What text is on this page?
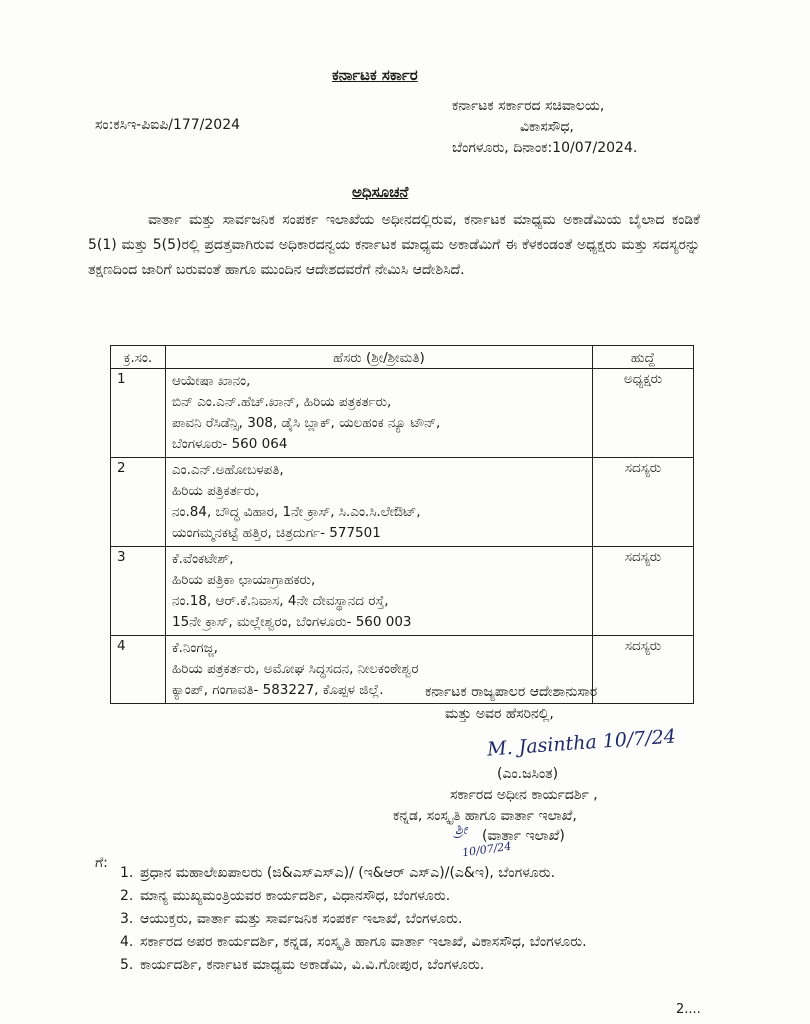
ಕರ್ನಾಟಕ ಸರ್ಕಾರ
ಸಂ:ಕಸಿಇ-ಪಿಐಪಿ/177/2024
ಕರ್ನಾಟಕ ಸರ್ಕಾರದ ಸಚಿವಾಲಯ,
ವಿಕಾಸಸೌಧ,
ಬೆಂಗಳೂರು, ದಿನಾಂಕ:10/07/2024.
ಅಧಿಸೂಚನೆ

ವಾರ್ತಾ ಮತ್ತು ಸಾರ್ವಜನಿಕ ಸಂಪರ್ಕ ಇಲಾಖೆಯ ಅಧೀನದಲ್ಲಿರುವ, ಕರ್ನಾಟಕ ಮಾಧ್ಯಮ ಅಕಾಡೆಮಿಯ ಬೈಲಾದ ಕಂಡಿಕೆ 5(1) ಮತ್ತು 5(5)ರಲ್ಲಿ ಪ್ರದತ್ತವಾಗಿರುವ ಅಧಿಕಾರದನ್ವಯ ಕರ್ನಾಟಕ ಮಾಧ್ಯಮ ಅಕಾಡೆಮಿಗೆ ಈ ಕೆಳಕಂಡಂತೆ ಅಧ್ಯಕ್ಷರು ಮತ್ತು ಸದಸ್ಯರನ್ನು ತಕ್ಷಣದಿಂದ ಜಾರಿಗೆ ಬರುವಂತೆ ಹಾಗೂ ಮುಂದಿನ ಆದೇಶದವರೆಗೆ ನೇಮಿಸಿ ಆದೇಶಿಸಿದೆ.

ಕ್ರ.ಸಂ.	ಹೆಸರು (ಶ್ರೀ/ಶ್ರೀಮತಿ)	ಹುದ್ದೆ
1	ಆಯೇಷಾ ಖಾನಂ,
ಬಿನ್ ಎಂ.ಎನ್.ಹೆಚ್.ಖಾನ್, ಹಿರಿಯ ಪತ್ರಕರ್ತರು,
ಪಾವನಿ ರೆಸಿಡೆನ್ಸಿ, 308, ಡೈಸಿ ಬ್ಲಾಕ್, ಯಲಹಂಕ ನ್ಯೂ ಟೌನ್,
ಬೆಂಗಳೂರು- 560 064	ಅಧ್ಯಕ್ಷರು
2	ಎಂ.ಎನ್.ಅಹೋಬಳಪತಿ,
ಹಿರಿಯ ಪತ್ರಿಕರ್ತರು,
ನಂ.84, ಬೌದ್ಧ ವಿಹಾರ, 1ನೇ ಕ್ರಾಸ್, ಸಿ.ಎಂ.ಸಿ.ಲೇಔಟ್,
ಯಂಗಮ್ಮನಕಟ್ಟೆ ಹತ್ತಿರ, ಚಿತ್ರದುರ್ಗ- 577501	ಸದಸ್ಯರು
3	ಕೆ.ವೆಂಕಟೇಶ್,
ಹಿರಿಯ ಪತ್ರಿಕಾ ಛಾಯಾಗ್ರಾಹಕರು,
ನಂ.18, ಆರ್.ಕೆ.ನಿವಾಸ, 4ನೇ ದೇವಸ್ಥಾನದ ರಸ್ತೆ,
15ನೇ ಕ್ರಾಸ್, ಮಲ್ಲೇಶ್ವರಂ, ಬೆಂಗಳೂರು- 560 003	ಸದಸ್ಯರು
4	ಕೆ.ನಿಂಗಜ್ಜ,
ಹಿರಿಯ ಪತ್ರಕರ್ತರು, ಅಮೋಘ ಸಿದ್ಧಸದನ, ನೀಲಕಂಠೇಶ್ವರ
ಕ್ಯಾಂಪ್, ಗಂಗಾವತಿ- 583227, ಕೊಪ್ಪಳ ಜಿಲ್ಲೆ.	ಸದಸ್ಯರು
ಕರ್ನಾಟಕ ರಾಜ್ಯಪಾಲರ ಆದೇಶಾನುಸಾರ
ಮತ್ತು ಅವರ ಹೆಸರಿನಲ್ಲಿ,
M. Jasintha 10/7/24
(ಎಂ.ಜಸಿಂತ)
ಸರ್ಕಾರದ ಅಧೀನ ಕಾರ್ಯದರ್ಶಿ ,
ಕನ್ನಡ, ಸಂಸ್ಕೃತಿ ಹಾಗೂ ವಾರ್ತಾ ಇಲಾಖೆ,
ಶ್ರೀ
10/07/24
(ವಾರ್ತಾ ಇಲಾಖೆ)
ಗೆ:
1. ಪ್ರಧಾನ ಮಹಾಲೇಖಪಾಲರು (ಜಿ&ಎಸ್‌ಎಸ್‌ಎ)/ (ಇ&ಆರ್ ಎಸ್‌ಎ)/(ಎ&ಇ), ಬೆಂಗಳೂರು.
2. ಮಾನ್ಯ ಮುಖ್ಯಮಂತ್ರಿಯವರ ಕಾರ್ಯದರ್ಶಿ, ವಿಧಾನಸೌಧ, ಬೆಂಗಳೂರು.
3. ಆಯುಕ್ತರು, ವಾರ್ತಾ ಮತ್ತು ಸಾರ್ವಜನಿಕ ಸಂಪರ್ಕ ಇಲಾಖೆ, ಬೆಂಗಳೂರು.
4. ಸರ್ಕಾರದ ಅಪರ ಕಾರ್ಯದರ್ಶಿ, ಕನ್ನಡ, ಸಂಸ್ಕೃತಿ ಹಾಗೂ ವಾರ್ತಾ ಇಲಾಖೆ, ವಿಕಾಸಸೌಧ, ಬೆಂಗಳೂರು.
5. ಕಾರ್ಯದರ್ಶಿ, ಕರ್ನಾಟಕ ಮಾಧ್ಯಮ ಅಕಾಡೆಮಿ, ವಿ.ವಿ.ಗೋಪುರ, ಬೆಂಗಳೂರು.
2....
